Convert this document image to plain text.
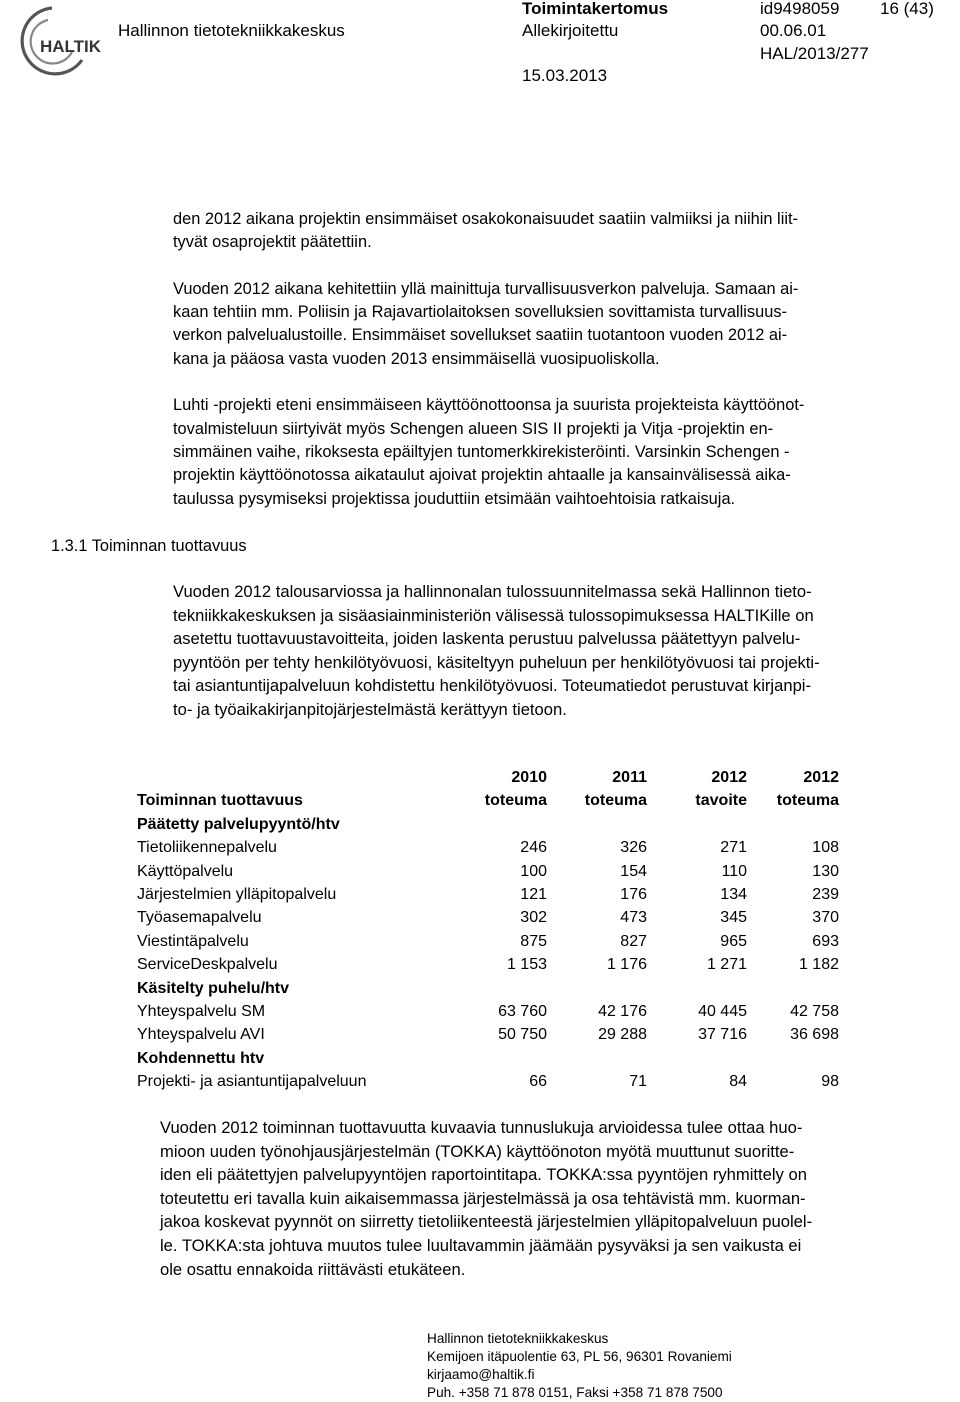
HALTIK
Hallinnon tietotekniikkakeskus
Toimintakertomus
Allekirjoitettu
15.03.2013
id9498059 16 (43)
00.06.01
HAL/2013/277
den 2012 aikana projektin ensimmäiset osakokonaisuudet saatiin valmiiksi ja niihin liit-
tyvät osaprojektit päätettiin.
Vuoden 2012 aikana kehitettiin yllä mainittuja turvallisuusverkon palveluja. Samaan ai-
kaan tehtiin mm. Poliisin ja Rajavartiolaitoksen sovelluksien sovittamista turvallisuus-
verkon palvelualustoille. Ensimmäiset sovellukset saatiin tuotantoon vuoden 2012 ai-
kana ja pääosa vasta vuoden 2013 ensimmäisellä vuosipuoliskolla.
Luhti -projekti eteni ensimmäiseen käyttöönottoonsa ja suurista projekteista käyttöönot-
tovalmisteluun siirtyivät myös Schengen alueen SIS II projekti ja Vitja -projektin en-
simmäinen vaihe, rikoksesta epäiltyjen tuntomerkkirekisteröinti. Varsinkin Schengen -
projektin käyttöönotossa aikataulut ajoivat projektin ahtaalle ja kansainvälisessä aika-
taulussa pysymiseksi projektissa jouduttiin etsimään vaihtoehtoisia ratkaisuja.
1.3.1 Toiminnan tuottavuus
Vuoden 2012 talousarviossa ja hallinnonalan tulossuunnitelmassa sekä Hallinnon tieto-
tekniikkakeskuksen ja sisäasiainministeriön välisessä tulossopimuksessa HALTIKille on
asetettu tuottavuustavoitteita, joiden laskenta perustuu palvelussa päätettyyn palvelu-
pyyntöön per tehty henkilötyövuosi, käsiteltyyn puheluun per henkilötyövuosi tai projekti-
tai asiantuntijapalveluun kohdistettu henkilötyövuosi. Toteumatiedot perustuvat kirjanpi-
to- ja työaikakirjanpitojärjestelmästä kerättyyn tietoon.
	2010	2011	2012	2012
Toiminnan tuottavuus	toteuma	toteuma	tavoite	toteuma
Päätetty palvelupyyntö/htv				
Tietoliikennepalvelu	246	326	271	108
Käyttöpalvelu	100	154	110	130
Järjestelmien ylläpitopalvelu	121	176	134	239
Työasemapalvelu	302	473	345	370
Viestintäpalvelu	875	827	965	693
ServiceDeskpalvelu	1 153	1 176	1 271	1 182
Käsitelty puhelu/htv				
Yhteyspalvelu SM	63 760	42 176	40 445	42 758
Yhteyspalvelu AVI	50 750	29 288	37 716	36 698
Kohdennettu htv				
Projekti- ja asiantuntijapalveluun	66	71	84	98
Vuoden 2012 toiminnan tuottavuutta kuvaavia tunnuslukuja arvioidessa tulee ottaa huo-
mioon uuden työnohjausjärjestelmän (TOKKA) käyttöönoton myötä muuttunut suoritte-
iden eli päätettyjen palvelupyyntöjen raportointitapa. TOKKA:ssa pyyntöjen ryhmittely on
toteutettu eri tavalla kuin aikaisemmassa järjestelmässä ja osa tehtävistä mm. kuorman-
jakoa koskevat pyynnöt on siirretty tietoliikenteestä järjestelmien ylläpitopalveluun puolel-
le. TOKKA:sta johtuva muutos tulee luultavammin jäämään pysyväksi ja sen vaikusta ei
ole osattu ennakoida riittävästi etukäteen.
Hallinnon tietotekniikkakeskus
Kemijoen itäpuolentie 63, PL 56, 96301 Rovaniemi
kirjaamo@haltik.fi
Puh. +358 71 878 0151, Faksi +358 71 878 7500
